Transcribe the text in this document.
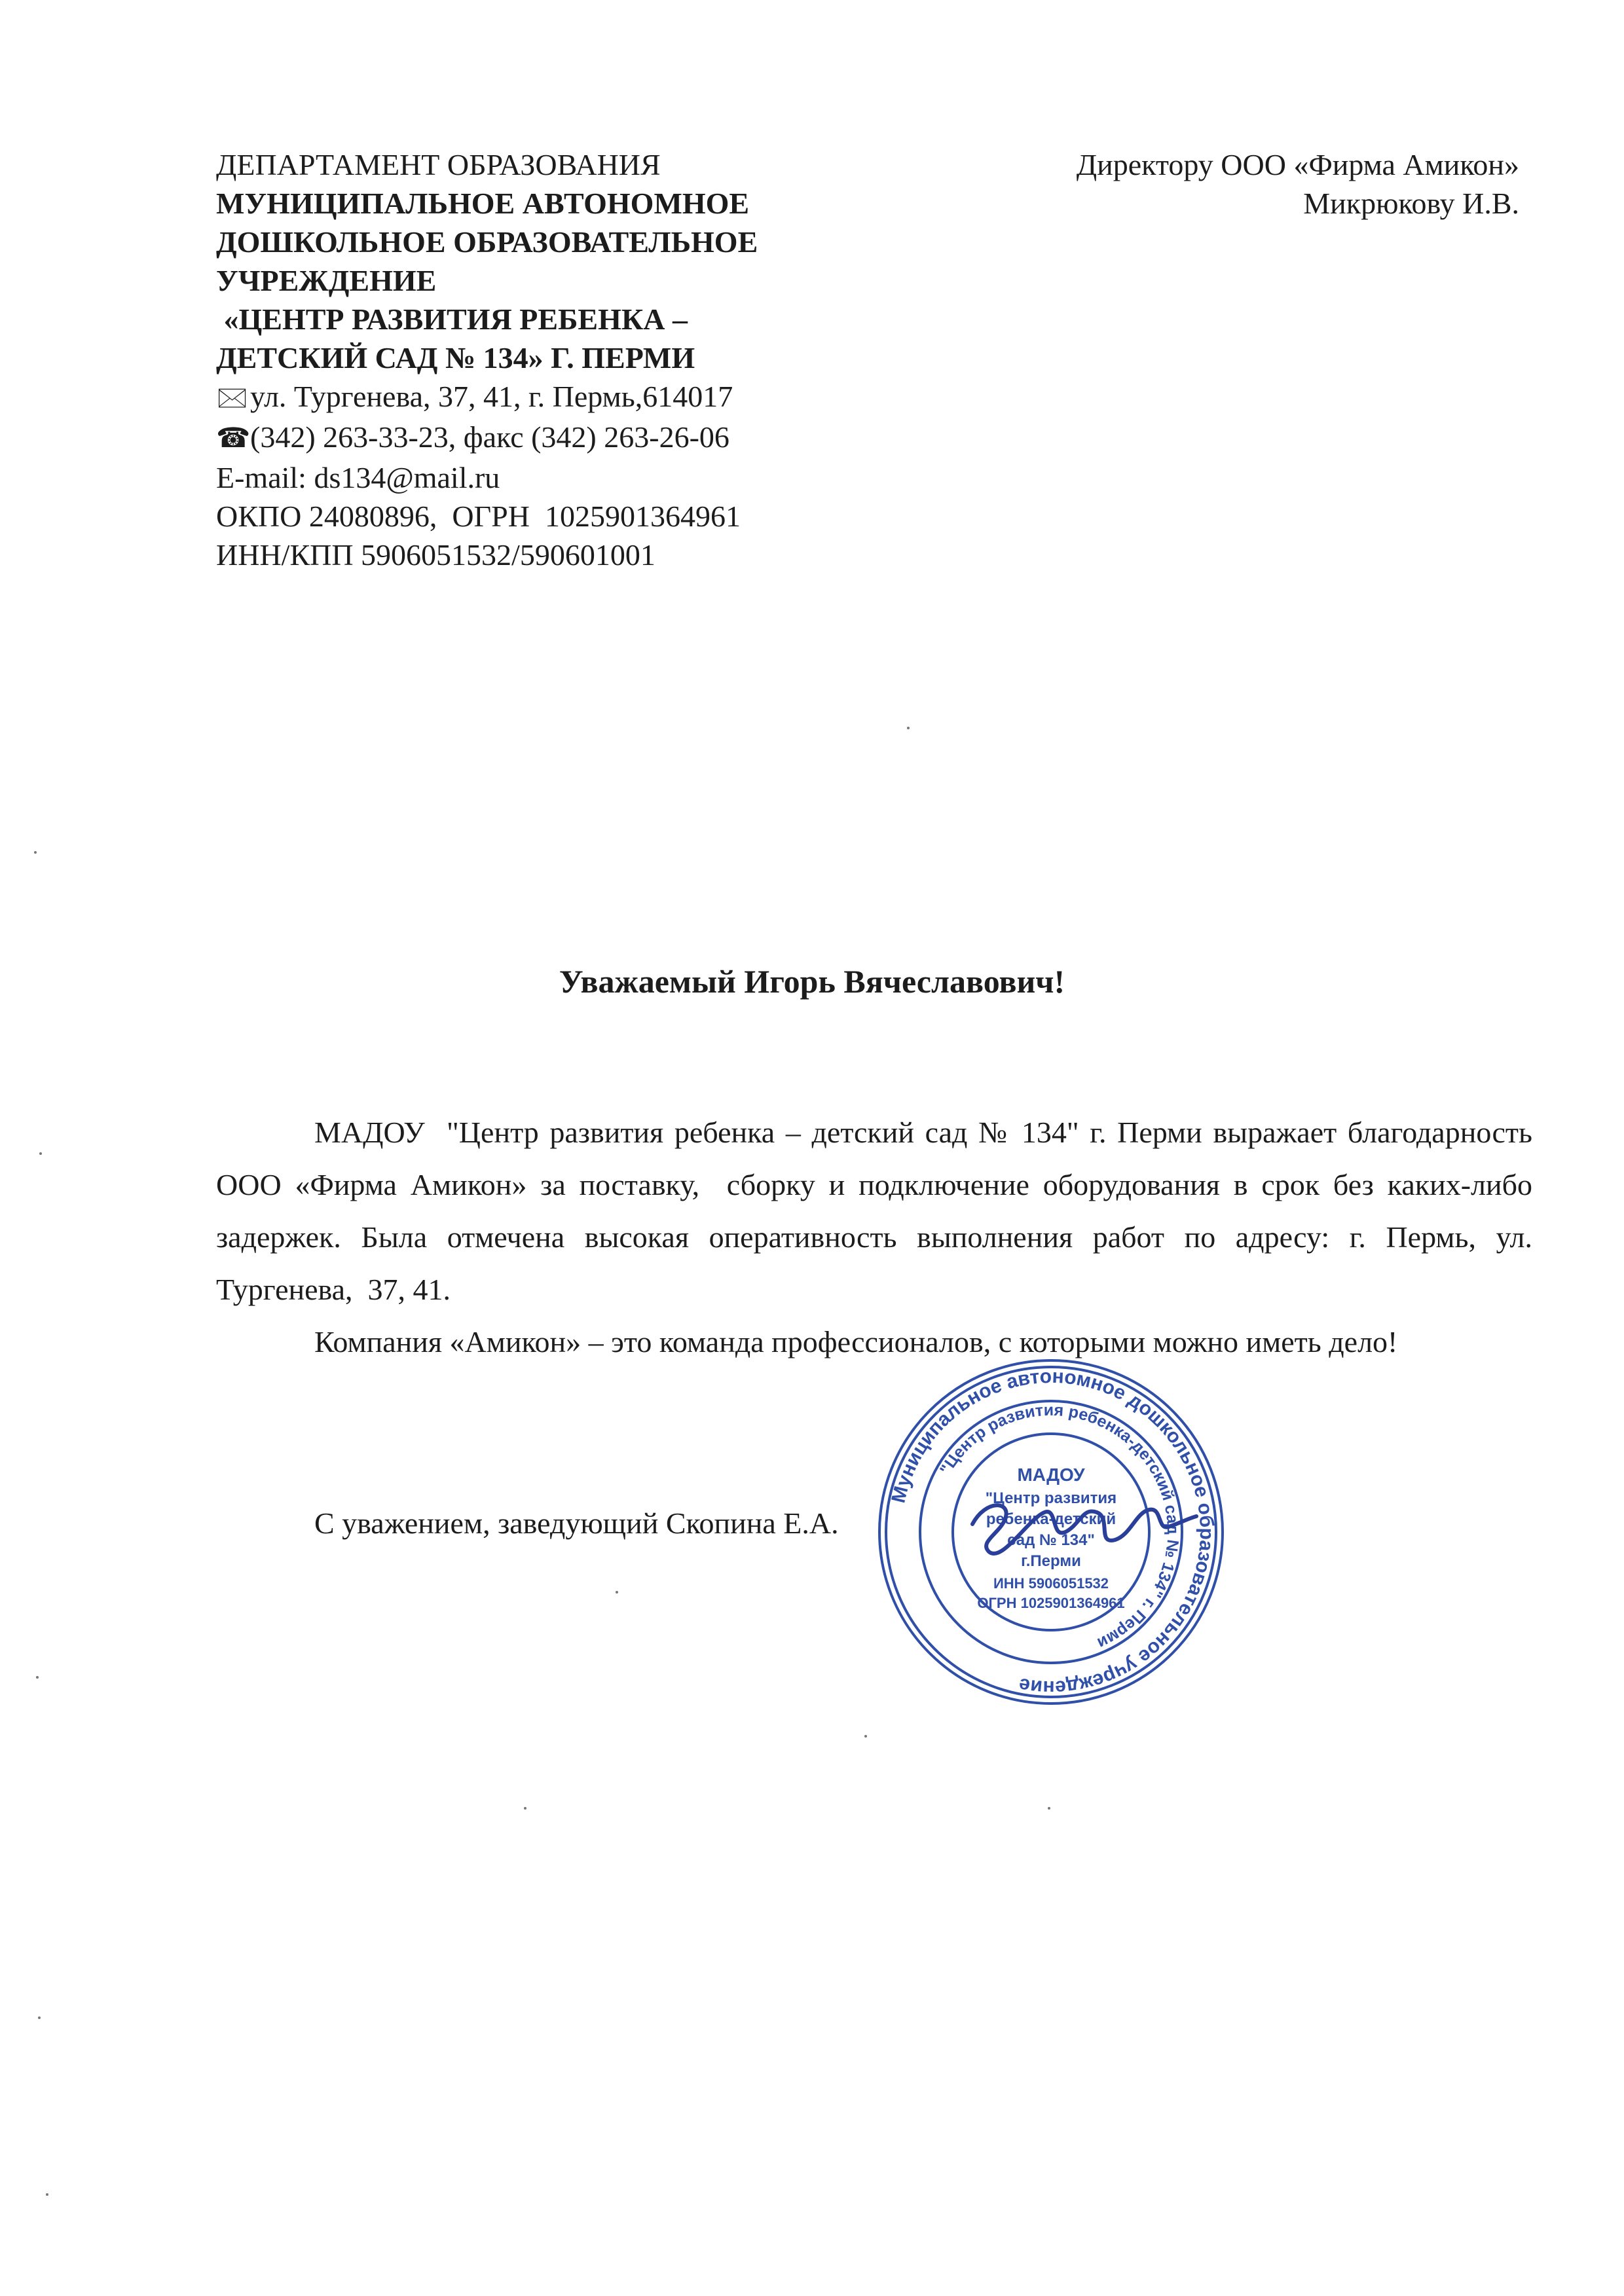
ДЕПАРТАМЕНТ ОБРАЗОВАНИЯ
МУНИЦИПАЛЬНОЕ АВТОНОМНОЕ
ДОШКОЛЬНОЕ ОБРАЗОВАТЕЛЬНОЕ
УЧРЕЖДЕНИЕ
«ЦЕНТР РАЗВИТИЯ РЕБЕНКА –
ДЕТСКИЙ САД № 134» Г. ПЕРМИ
🖂ул. Тургенева, 37, 41, г. Пермь,614017
☎(342) 263-33-23, факс (342) 263-26-06
E-mail: ds134@mail.ru
ОКПО 24080896,  ОГРН  1025901364961
ИНН/КПП 5906051532/590601001
Директору ООО «Фирма Амикон»
Микрюкову И.В.
Уважаемый Игорь Вячеславович!

МАДОУ  "Центр развития ребенка – детский сад № 134" г. Перми выражает благодарность ООО «Фирма Амикон» за поставку,  сборку и подключение оборудования в срок без каких-либо задержек. Была отмечена высокая оперативность выполнения работ по адресу: г. Пермь, ул. Тургенева,  37, 41.

Компания «Амикон» – это команда профессионалов, с которыми можно иметь дело!

С уважением, заведующий Скопина Е.А.
Муниципальное автономное дошкольное образовательное учреждение
"Центр развития ребенка-детский сад № 134" г. Перми
МАДОУ
"Центр развития
ребенка-детский
сад № 134"
г.Перми
ИНН 5906051532
ОГРН 1025901364961
